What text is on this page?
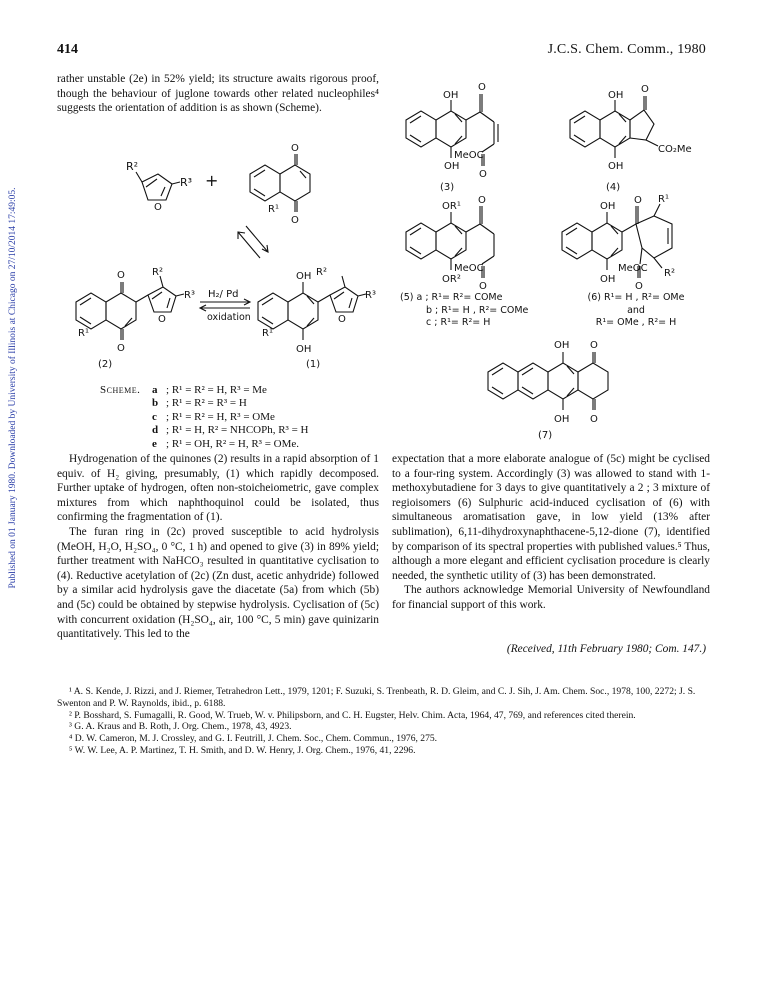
Published on 01 January 1980. Downloaded by University of Illinois at Chicago on 27/10/2014 17:49:05.
414	J.C.S. Chem. Comm., 1980

rather unstable (2e) in 52% yield; its structure awaits rigorous proof, though the behaviour of juglone towards other related nucleophiles⁴ suggests the orientation of addition is as shown (Scheme).

R²
O
R³ +
O
O
R¹
O
O
R²
O
R³
R¹
(2)
H₂/ Pd
oxidation
OH R²
O
R³
R¹
OH
(1)
Scheme. a ; R¹ = R² = H, R³ = Me
b ; R¹ = R² = R³ = H
c ; R¹ = R² = H, R³ = OMe
d ; R¹ = H, R² = NHCOPh, R³ = H
e ; R¹ = OH, R² = H, R³ = OMe.
OH
O
MeOC
O
OH
(3)
OH
O
CO₂Me
OH
(4)
OR¹
O
MeOC
OR²
O
OH
O R¹
MeOC
OH
O
R²
OH O
OH O
(7)
(5) a ; R¹= R²= COMe
b ; R¹= H , R²= COMe
c ; R¹= R²= H
(6) R¹= H , R²= OMe
and
R¹= OMe , R²= H

Hydrogenation of the quinones (2) results in a rapid absorption of 1 equiv. of H₂ giving, presumably, (1) which rapidly decomposed. Further uptake of hydrogen, often non-stoicheiometric, gave complex mixtures from which naphthoquinol could be isolated, thus confirming the fragmentation of (1).

The furan ring in (2c) proved susceptible to acid hydrolysis (MeOH, H₂O, H₂SO₄, 0 °C, 1 h) and opened to give (3) in 89% yield; further treatment with NaHCO₃ resulted in quantitative cyclisation to (4). Reductive acetylation of (2c) (Zn dust, acetic anhydride) followed by a similar acid hydrolysis gave the diacetate (5a) from which (5b) and (5c) could be obtained by stepwise hydrolysis. Cyclisation of (5c) with concurrent oxidation (H₂SO₄, air, 100 °C, 5 min) gave quinizarin quantitatively. This led to the

expectation that a more elaborate analogue of (5c) might be cyclised to a four-ring system. Accordingly (3) was allowed to stand with 1-methoxybutadiene for 3 days to give quantitatively a 2 ; 3 mixture of regioisomers (6) Sulphuric acid-induced cyclisation of (6) with simultaneous aromatisation gave, in low yield (13% after sublimation), 6,11-dihydroxynaphthacene-5,12-dione (7), identified by comparison of its spectral properties with published values.⁵ Thus, although a more elegant and efficient cyclisation procedure is clearly needed, the synthetic utility of (3) has been demonstrated.

The authors acknowledge Memorial University of Newfoundland for financial support of this work.

(Received, 11th February 1980; Com. 147.)

¹ A. S. Kende, J. Rizzi, and J. Riemer, Tetrahedron Lett., 1979, 1201; F. Suzuki, S. Trenbeath, R. D. Gleim, and C. J. Sih, J. Am. Chem. Soc., 1978, 100, 2272; J. S. Swenton and P. W. Raynolds, ibid., p. 6188.

² P. Bosshard, S. Fumagalli, R. Good, W. Trueb, W. v. Philipsborn, and C. H. Eugster, Helv. Chim. Acta, 1964, 47, 769, and references cited therein.

³ G. A. Kraus and B. Roth, J. Org. Chem., 1978, 43, 4923.

⁴ D. W. Cameron, M. J. Crossley, and G. I. Feutrill, J. Chem. Soc., Chem. Commun., 1976, 275.

⁵ W. W. Lee, A. P. Martinez, T. H. Smith, and D. W. Henry, J. Org. Chem., 1976, 41, 2296.
